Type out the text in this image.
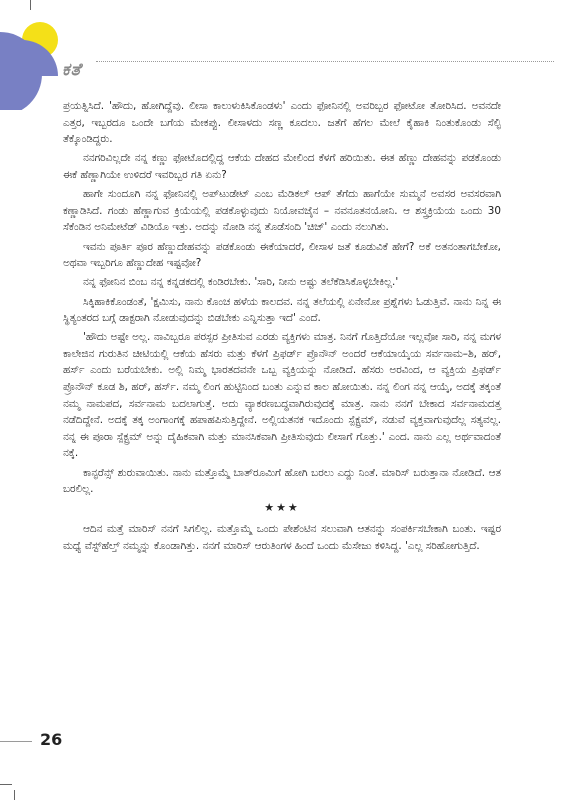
ಕತೆ

ಪ್ರಯತ್ನಿಸಿದೆ. 'ಹೌದು, ಹೋಗಿದ್ದೆವು. ಲೀಸಾ ಕಾಲುಳುಕಿಸಿಕೊಂಡಳು' ಎಂದು ಫೋನಿನಲ್ಲಿ ಅವರಿಬ್ಬರ ಫೋಟೋ ತೋರಿಸಿದ. ಅವನದೇ ಎತ್ತರ, ಇಬ್ಬರದೂ ಒಂದೇ ಬಗೆಯ ಮೇಕಪ್ಪು. ಲೀಸಾಳದು ಸಣ್ಣ ಕೂದಲು. ಜತೆಗೆ ಹೆಗಲ ಮೇಲೆ ಕೈಹಾಕಿ ನಿಂತುಕೊಂಡು ಸೆಲ್ಫಿ ತೆಕ್ಕೊಂಡಿದ್ದರು.

ನನಗರಿವಿಲ್ಲದೇ ನನ್ನ ಕಣ್ಣು ಫೋಟೊದಲ್ಲಿದ್ದ ಆಕೆಯ ದೇಹದ ಮೇಲಿಂದ ಕೆಳಗೆ ಹರಿಯಿತು. ಈತ ಹೆಣ್ಣು ದೇಹವನ್ನು ಪಡಕೊಂಡು ಈಕೆ ಹೆಣ್ಣಾಗಿಯೇ ಉಳಿದರೆ ಇವರಿಬ್ಬರ ಗತಿ ಏನು?

ಹಾಗೇ ಸುಂದೂಗಿ ನನ್ನ ಫೋನಿನಲ್ಲಿ ಅಪ್‌ಟುಡೇಟ್ ಎಂಬ ಮೆಡಿಕಲ್ ಆಪ್ ತೆಗೆದು ಹಾಗೆಯೇ ಸುಮ್ಮನೆ ಅವಸರ ಅವಸರವಾಗಿ ಕಣ್ಣಾಡಿಸಿದೆ. ಗಂಡು ಹೆಣ್ಣಾಗುವ ಕ್ರಿಯೆಯಲ್ಲಿ ಪಡಕೊಳ್ಳುವುದು ನಿಯೋವಜೈನ – ನವನೂತನಯೋನಿ. ಆ ಶಸ್ತ್ರಕ್ರಿಯೆಯ ಒಂದು 30 ಸೆಕೆಂಡಿನ ಅನಿಮೇಟೆಡ್ ವಿಡಿಯೊ ಇತ್ತು. ಅದನ್ನು ನೋಡಿ ನನ್ನ ತೊಡೆಸಂದಿ 'ಚಿಜ್' ಎಂದು ನಲುಗಿತು.

ಇವನು ಪೂರ್ತಿ ಪೂರ ಹೆಣ್ಣುದೇಹವನ್ನು ಪಡಕೊಂಡು ಈಕೆಯಾದರೆ, ಲೀಸಾಳ ಜತೆ ಕೂಡುವಿಕೆ ಹೇಗೆ? ಅಕೆ ಅತನಂತಾಗಬೇಕೋ, ಅಥವಾ ಇಬ್ಬರಿಗೂ ಹೆಣ್ಣುದೇಹ ಇಷ್ಟವೋ?

ನನ್ನ ಫೋನಿನ ಬಿಂಬ ನನ್ನ ಕನ್ನಡಕದಲ್ಲಿ ಕಂಡಿರಬೇಕು. 'ಸಾರಿ, ನೀನು ಅಷ್ಟು ತಲೆಕೆಡಿಸಿಕೊಳ್ಳಬೇಕಿಲ್ಲ.'

ಸಿಕ್ಕಿಹಾಕಿಕೊಂಡಂತೆ, 'ಕ್ಷಮಿಸು, ನಾನು ಕೊಂಚ ಹಳೆಯ ಕಾಲದವ. ನನ್ನ ತಲೆಯಲ್ಲಿ ಏನೇನೋ ಪ್ರಶ್ನೆಗಳು ಓಡುತ್ತಿವೆ. ನಾನು ನಿನ್ನ ಈ ಸ್ಥಿತ್ಯಂತರದ ಬಗ್ಗೆ ಡಾಕ್ಟರಾಗಿ ನೋಡುವುದನ್ನು ಬಿಡಬೇಕು ಎನ್ನಿಸುತ್ತಾ ಇದೆ' ಎಂದೆ.

'ಹೌದು ಅಷ್ಟೇ ಅಲ್ಲ. ನಾವಿಬ್ಬರೂ ಪರಸ್ಪರ ಪ್ರೀತಿಸುವ ಎರಡು ವ್ಯಕ್ತಿಗಳು ಮಾತ್ರ. ನಿನಗೆ ಗೊತ್ತಿದೆಯೋ ಇಲ್ಲವೋ ಸಾರಿ, ನನ್ನ ಮಗಳ ಕಾಲೇಜಿನ ಗುರುತಿನ ಚೀಟಿಯಲ್ಲಿ ಆಕೆಯ ಹೆಸರು ಮತ್ತು ಕೆಳಗೆ ಪ್ರಿಫರ್ಡ್ ಪ್ರೊನೌನ್ ಅಂದರೆ ಆಕೆಯಾಯ್ಕೆಯ ಸರ್ವನಾಮ–ಶಿ, ಹರ್, ಹರ್ಸ್ ಎಂದು ಬರೆಯಬೇಕು. ಅಲ್ಲಿ ನಿಮ್ಮ ಭಾರತದವನೇ ಒಬ್ಬ ವ್ಯಕ್ತಿಯನ್ನು ನೋಡಿದೆ. ಹೆಸರು ಅರವಿಂದ, ಆ ವ್ಯಕ್ತಿಯ ಪ್ರಿಫರ್ಡ್ ಪ್ರೊನೌನ್ ಕೂಡ ಶಿ, ಹರ್, ಹರ್ಸ್. ನಮ್ಮ ಲಿಂಗ ಹುಟ್ಟಿನಿಂದ ಬಂತು ಎನ್ನುವ ಕಾಲ ಹೋಯಿತು. ನನ್ನ ಲಿಂಗ ನನ್ನ ಆಯ್ಕೆ, ಅದಕ್ಕೆ ತಕ್ಕಂತೆ ನಮ್ಮ ನಾಮಪದ, ಸರ್ವನಾಮ ಬದಲಾಗುತ್ತೆ. ಅದು ವ್ಯಾಕರಣಬದ್ಧವಾಗಿರುವುದಕ್ಕೆ ಮಾತ್ರ. ನಾನು ನನಗೆ ಬೇಕಾದ ಸರ್ವನಾಮದತ್ತ ನಡೆದಿದ್ದೇನೆ. ಅದಕ್ಕೆ ತಕ್ಕ ಅಂಗಾಂಗಕ್ಕೆ ಹಪಾಹಪಿಸುತ್ತಿದ್ದೇನೆ. ಅಲ್ಲಿಯತನಕ ಇದೊಂದು ಸ್ಪೆಕ್ಟ್ರಮ್, ನಡುವೆ ವ್ಯಕ್ತವಾಗುವುದೆಲ್ಲ ಸತ್ಯವಲ್ಲ. ನನ್ನ ಈ ಪೂರಾ ಸ್ಪೆಕ್ಟ್ರಮ್ ಅನ್ನು ದೈಹಿಕವಾಗಿ ಮತ್ತು ಮಾನಸಿಕವಾಗಿ ಪ್ರೀತಿಸುವುದು ಲೀಸಾಗೆ ಗೊತ್ತು.' ಎಂದ. ನಾನು ಎಲ್ಲ ಅರ್ಥವಾದಂತೆ ನಕ್ಕೆ.

ಕಾನ್ಫರೆನ್ಸ್ ಶುರುವಾಯಿತು. ನಾನು ಮತ್ತೊಮ್ಮೆ ಬಾತ್‌ರೂಮಿಗೆ ಹೋಗಿ ಬರಲು ಎದ್ದು ನಿಂತೆ. ಮಾರಿಸ್ ಬರುತ್ತಾನಾ ನೋಡಿದೆ. ಆತ ಬರಲಿಲ್ಲ.

★★★

ಆದಿನ ಮತ್ತೆ ಮಾರಿಸ್ ನನಗೆ ಸಿಗಲಿಲ್ಲ. ಮತ್ತೊಮ್ಮೆ ಒಂದು ಪೇಶೆಂಟಿನ ಸಲುವಾಗಿ ಆತನನ್ನು ಸಂಪರ್ಕಿಸಬೇಕಾಗಿ ಬಂತು. ಇಷ್ಟರ ಮಧ್ಯೆ ವೆಸ್ಟ್‌ಹೆಲ್ತ್ ನಮ್ಮನ್ನು ಕೊಂಡಾಗಿತ್ತು. ನನಗೆ ಮಾರಿಸ್ ಆರುತಿಂಗಳ ಹಿಂದೆ ಒಂದು ಮೆಸೇಜು ಕಳಿಸಿದ್ದ. 'ಎಲ್ಲ ಸರಿಹೋಗುತ್ತಿದೆ.

26
